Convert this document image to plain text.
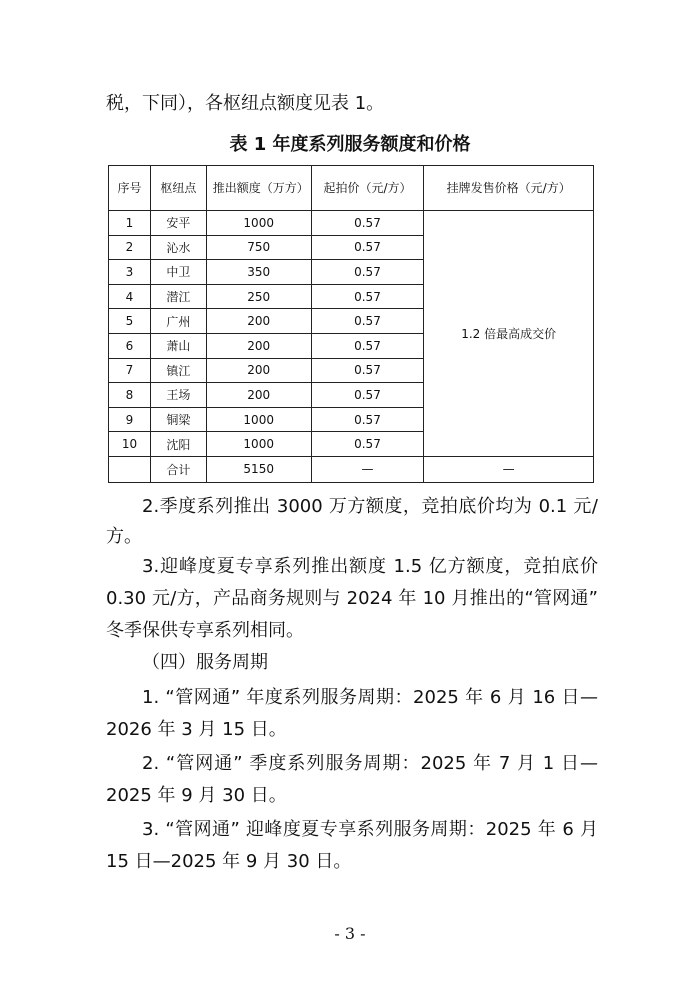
税，下同），各枢纽点额度见表 1。
表 1 年度系列服务额度和价格
序号	枢纽点	推出额度（万方）	起拍价（元/方）	挂牌发售价格（元/方）
1	安平	1000	0.57	1.2 倍最高成交价
2	沁水	750	0.57	
3	中卫	350	0.57	
4	潜江	250	0.57	
5	广州	200	0.57	
6	萧山	200	0.57	
7	镇江	200	0.57	
8	王场	200	0.57	
9	铜梁	1000	0.57	
10	沈阳	1000	0.57	
	合计	5150	—	—
2.季度系列推出 3000 万方额度，竞拍底价均为 0.1 元/
方。
3.迎峰度夏专享系列推出额度 1.5 亿方额度，竞拍底价
0.30 元/方，产品商务规则与 2024 年 10 月推出的“管网通”
冬季保供专享系列相同。
（四）服务周期
1. “管网通” 年度系列服务周期：2025 年 6 月 16 日—
2026 年 3 月 15 日。
2. “管网通” 季度系列服务周期：2025 年 7 月 1 日—
2025 年 9 月 30 日。
3. “管网通” 迎峰度夏专享系列服务周期：2025 年 6 月
15 日—2025 年 9 月 30 日。
- 3 -
